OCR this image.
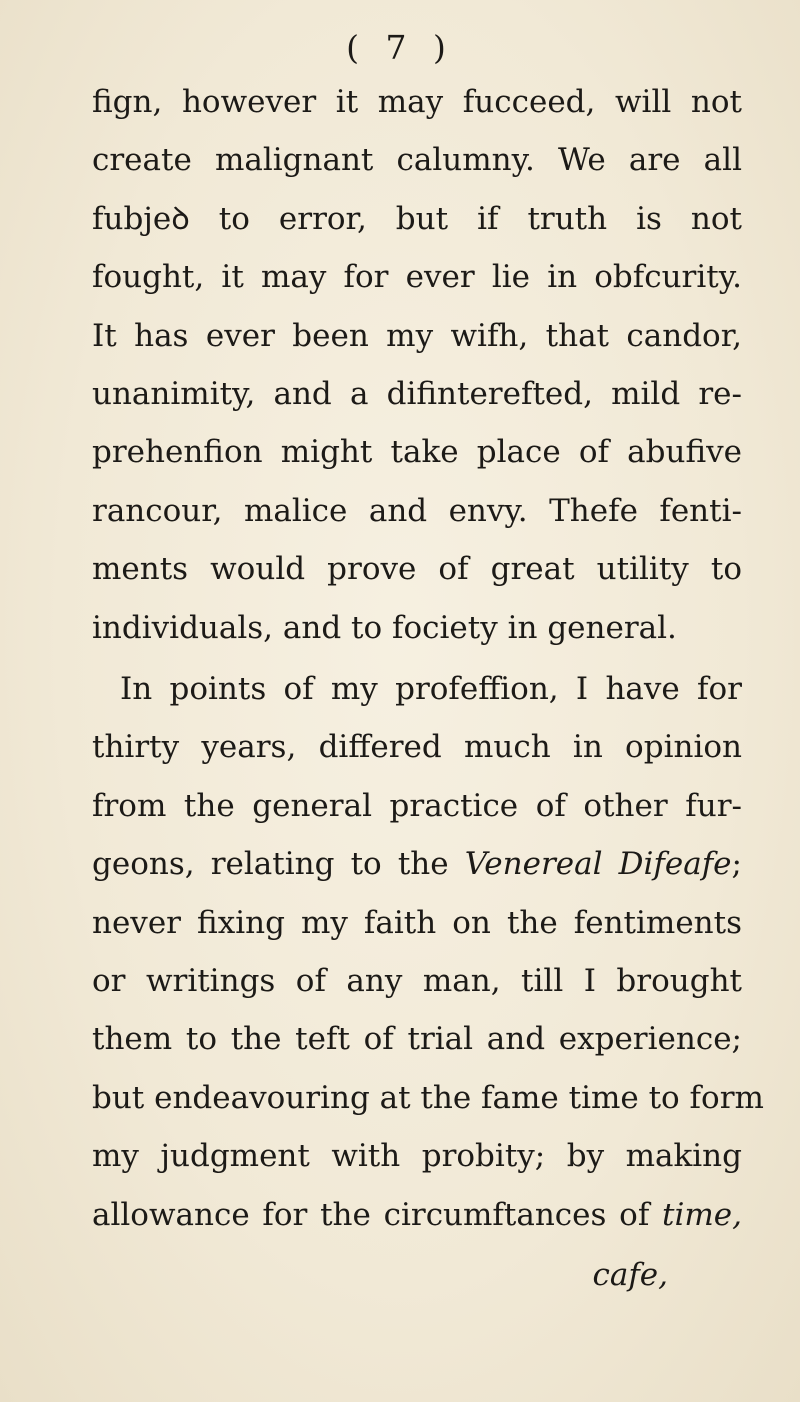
( 7 )
fign, however it may fucceed, will not
create malignant calumny. We are all
fubjeꝺ to error, but if truth is not
fought, it may for ever lie in obfcurity.
It has ever been my wifh, that candor,
unanimity, and a difinterefted, mild re-
prehenfion might take place of abufive
rancour, malice and envy. Thefe fenti-
ments would prove of great utility to
individuals, and to fociety in general.
In points of my profeffion, I have for
thirty years, differed much in opinion
from the general practice of other fur-
geons, relating to the Venereal Difeafe;
never fixing my faith on the fentiments
or writings of any man, till I brought
them to the teft of trial and experience;
but endeavouring at the fame time to form
my judgment with probity; by making
allowance for the circumftances of time,
cafe,
